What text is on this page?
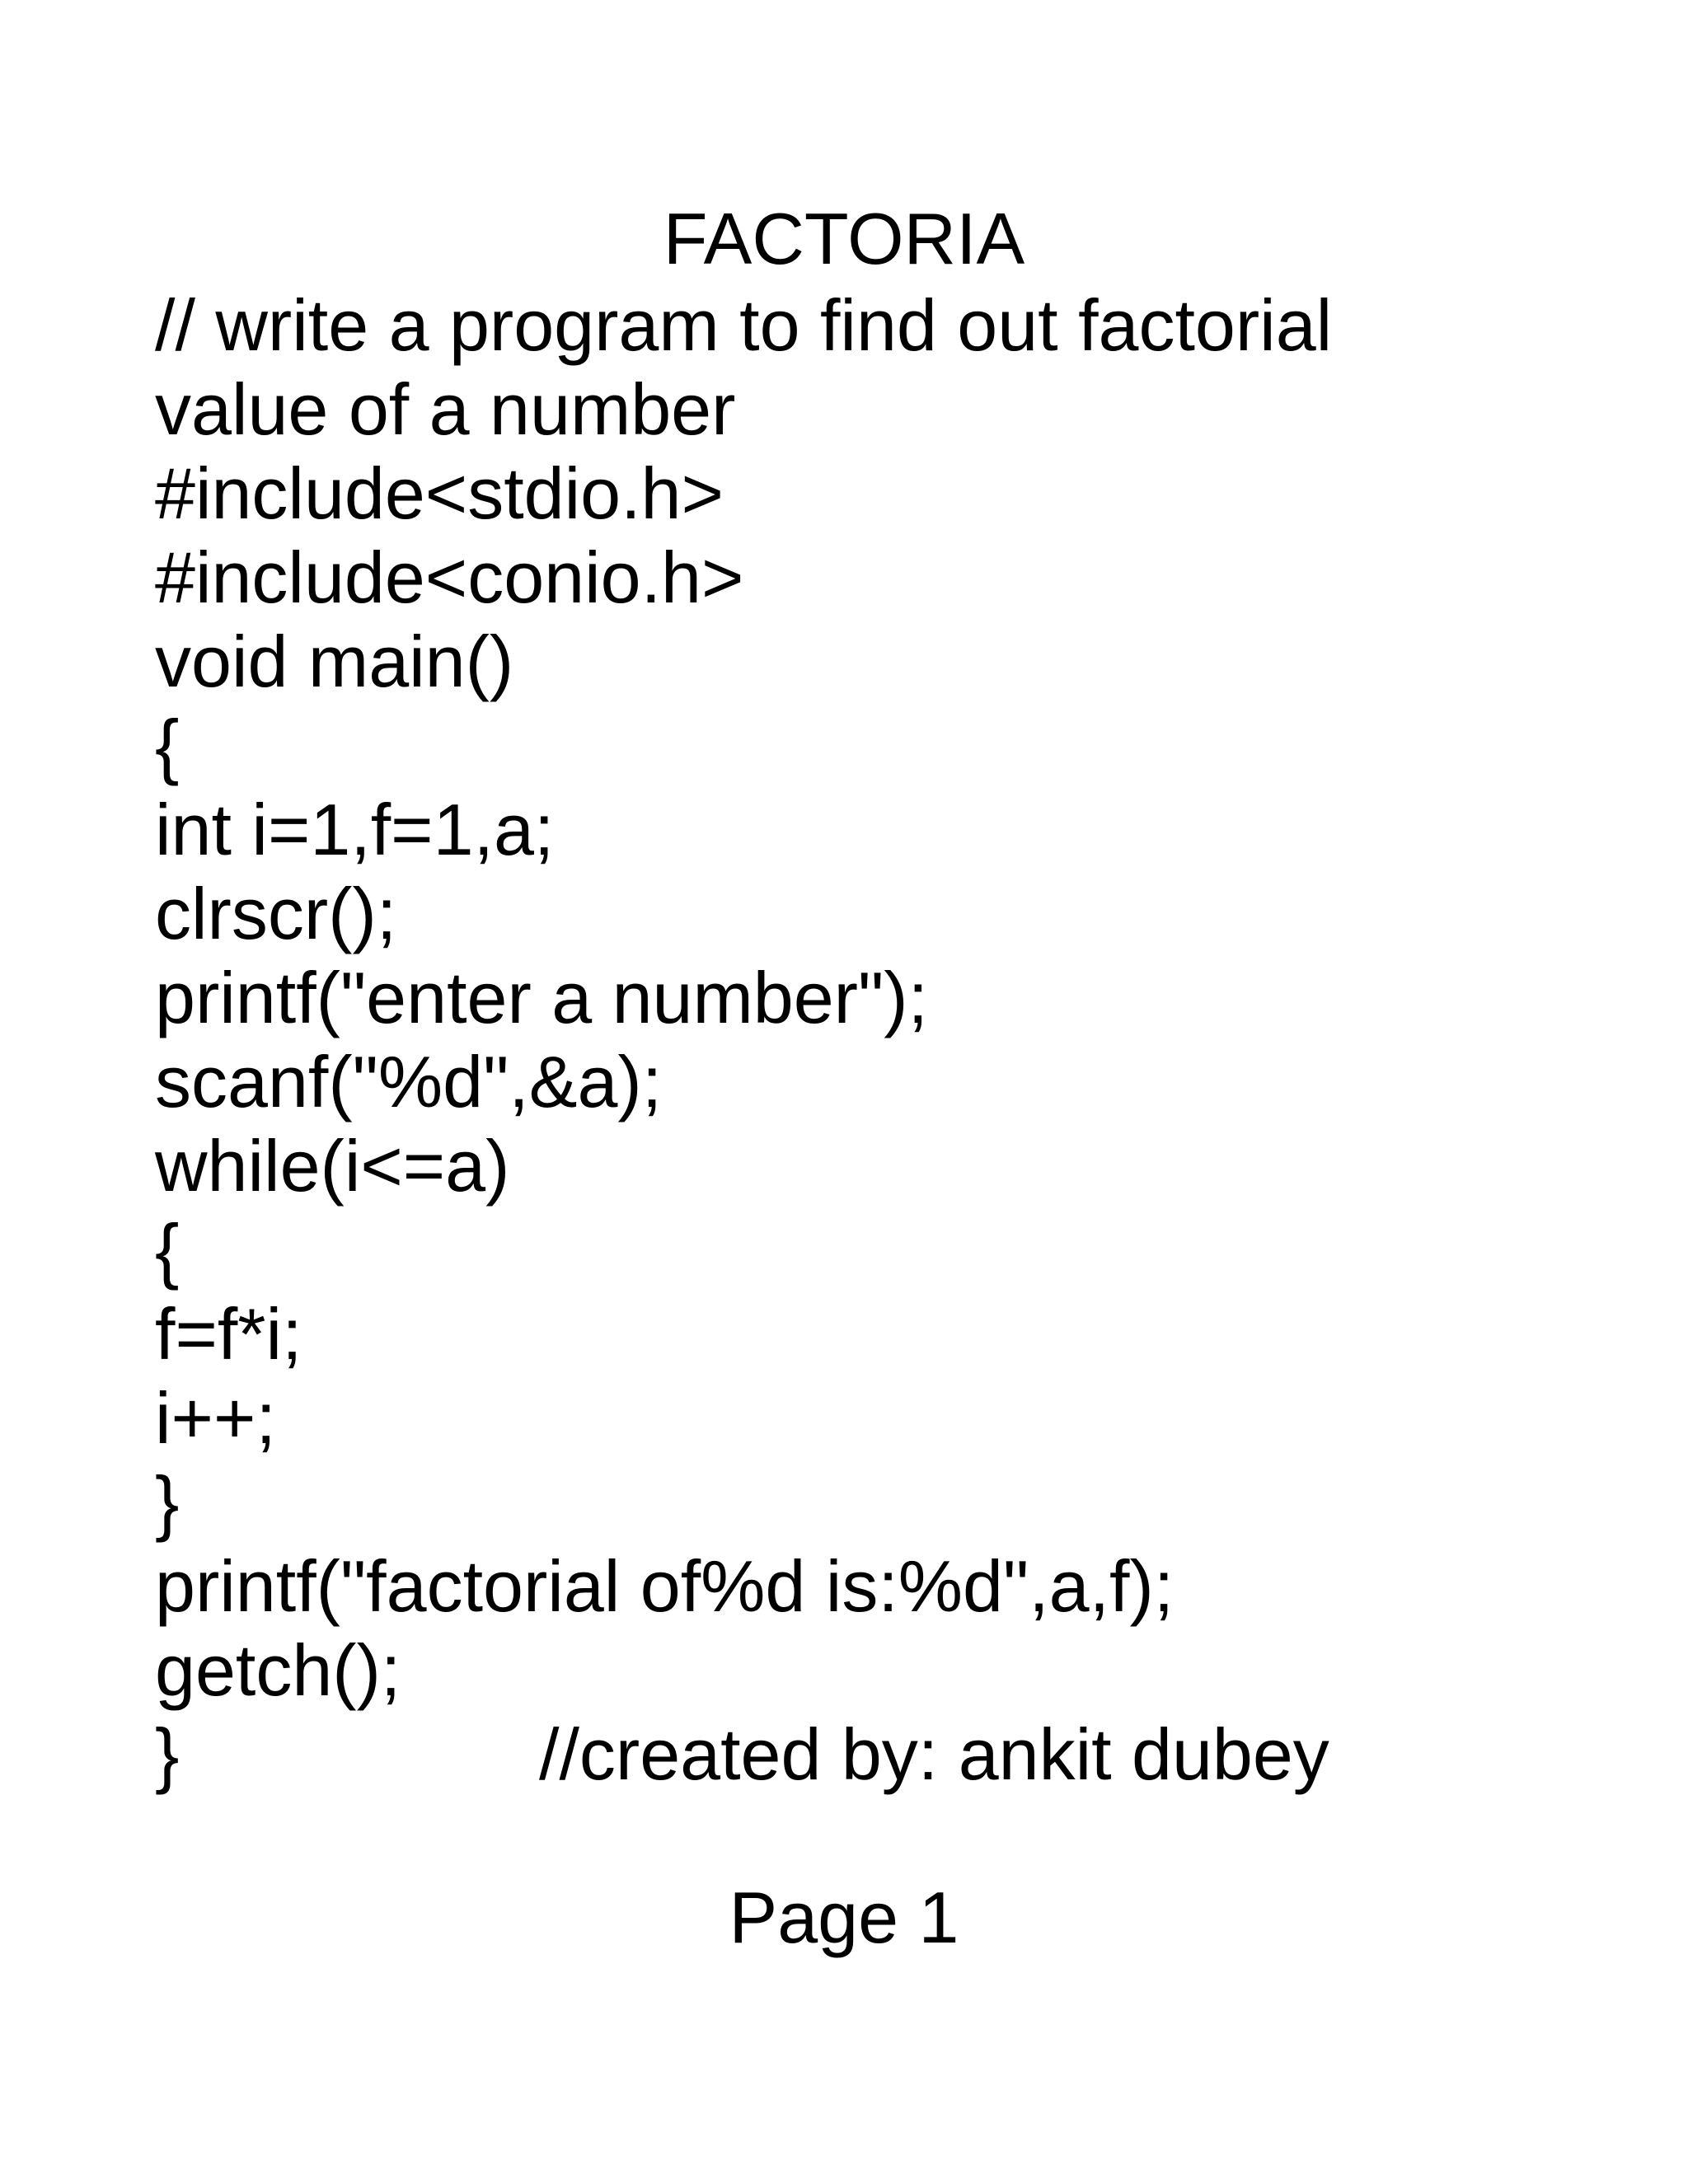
FACTORIA
// write a program to find out factorial
value of a number
#include<stdio.h>
#include<conio.h>
void main()
{
int i=1,f=1,a;
clrscr();
printf("enter a number");
scanf("%d",&a);
while(i<=a)
{
f=f*i;
i++;
}
printf("factorial of%d is:%d",a,f);
getch();
}	//created by: ankit dubey
Page 1
